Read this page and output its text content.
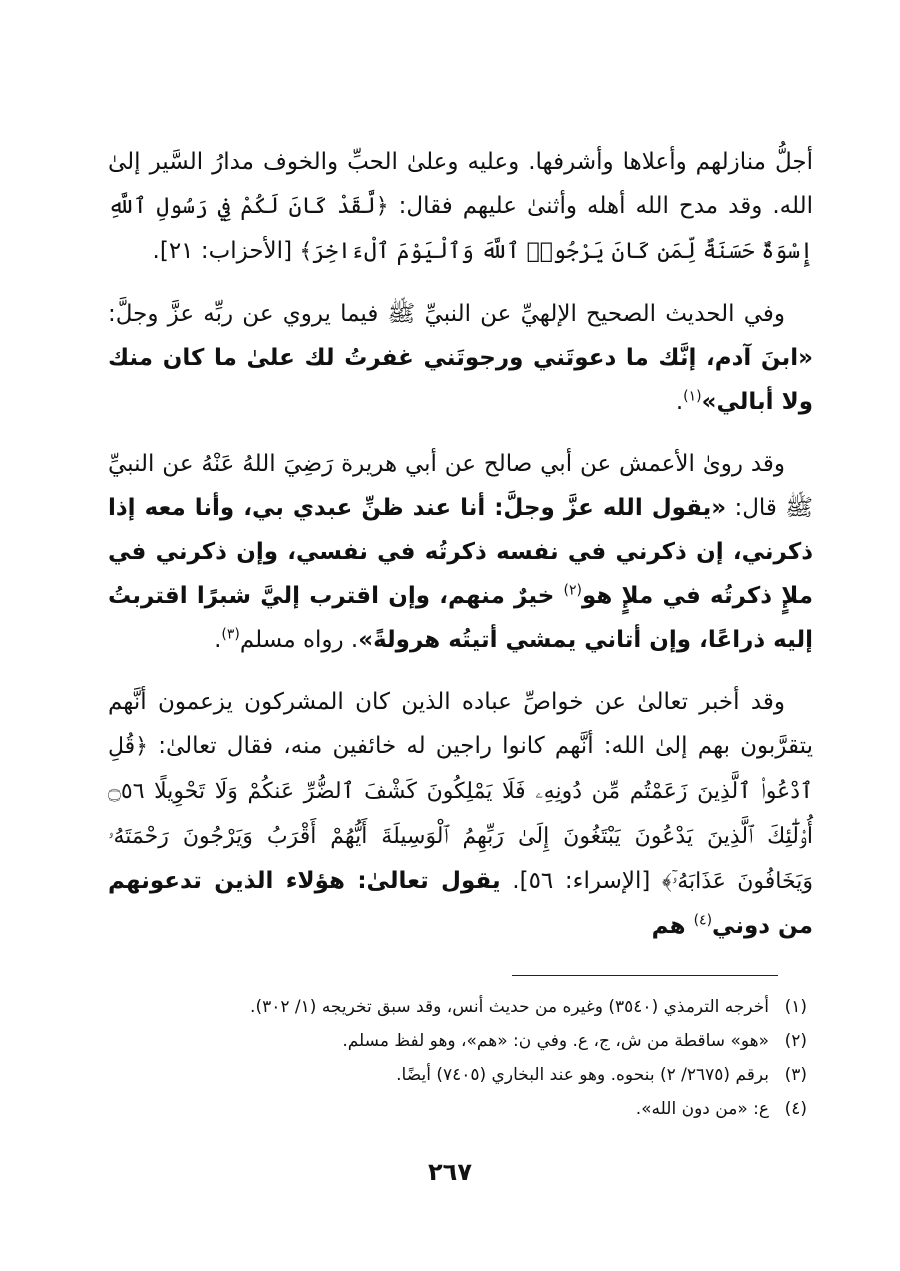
أجلُّ منازلهم وأعلاها وأشرفها. وعليه وعلىٰ الحبِّ والخوف مدارُ السَّير إلىٰ الله. وقد مدح الله أهله وأثنىٰ عليهم فقال: ﴿لَّقَدْ كَانَ لَكُمْ فِي رَسُولِ ٱللَّهِ إِسْوَةٌ حَسَنَةٌ لِّمَن كَانَ يَرْجُوا۟ ٱللَّهَ وَٱلْيَوْمَ ٱلْءَاخِرَ﴾ [الأحزاب: ٢١].

وفي الحديث الصحيح الإلهيِّ عن النبيِّ ﷺ فيما يروي عن ربِّه عزَّ وجلَّ: «ابنَ آدم، إنَّك ما دعوتَني ورجوتَني غفرتُ لك علىٰ ما كان منك ولا أبالي»$^{(١)}$.

وقد روىٰ الأعمش عن أبي صالح عن أبي هريرة رَضِيَ اللهُ عَنْهُ عن النبيِّ ﷺ قال: «يقول الله عزَّ وجلَّ: أنا عند ظنِّ عبدي بي، وأنا معه إذا ذكرني، إن ذكرني في نفسه ذكرتُه في نفسي، وإن ذكرني في ملإٍ ذكرتُه في ملإٍ هو$^{(٢)}$ خيرٌ منهم، وإن اقترب إليَّ شبرًا اقتربتُ إليه ذراعًا، وإن أتاني يمشي أتيتُه هرولةً». رواه مسلم$^{(٣)}$.

وقد أخبر تعالىٰ عن خواصِّ عباده الذين كان المشركون يزعمون أنَّهم يتقرَّبون بهم إلىٰ الله: أنَّهم كانوا راجين له خائفين منه، فقال تعالىٰ: ﴿قُلِ ٱدْعُوا۟ ٱلَّذِينَ زَعَمْتُم مِّن دُونِهِۦ فَلَا يَمْلِكُونَ كَشْفَ ٱلضُّرِّ عَنكُمْ وَلَا تَحْوِيلًا ۝٥٦ أُو۟لَٰٓئِكَ ٱلَّذِينَ يَدْعُونَ يَبْتَغُونَ إِلَىٰ رَبِّهِمُ ٱلْوَسِيلَةَ أَيُّهُمْ أَقْرَبُ وَيَرْجُونَ رَحْمَتَهُۥ وَيَخَافُونَ عَذَابَهُۥٓ﴾ [الإسراء: ٥٦]. يقول تعالىٰ: هؤلاء الذين تدعونهم من دوني$^{(٤)}$ هم

(١)أخرجه الترمذي (٣٥٤٠) وغيره من حديث أنس، وقد سبق تخريجه (١/ ٣٠٢).

(٢)«هو» ساقطة من ش، ج، ع. وفي ن: «هم»، وهو لفظ مسلم.

(٣)برقم (٢٦٧٥/ ٢) بنحوه. وهو عند البخاري (٧٤٠٥) أيضًا.

(٤)ع: «من دون الله».

٢٦٧
